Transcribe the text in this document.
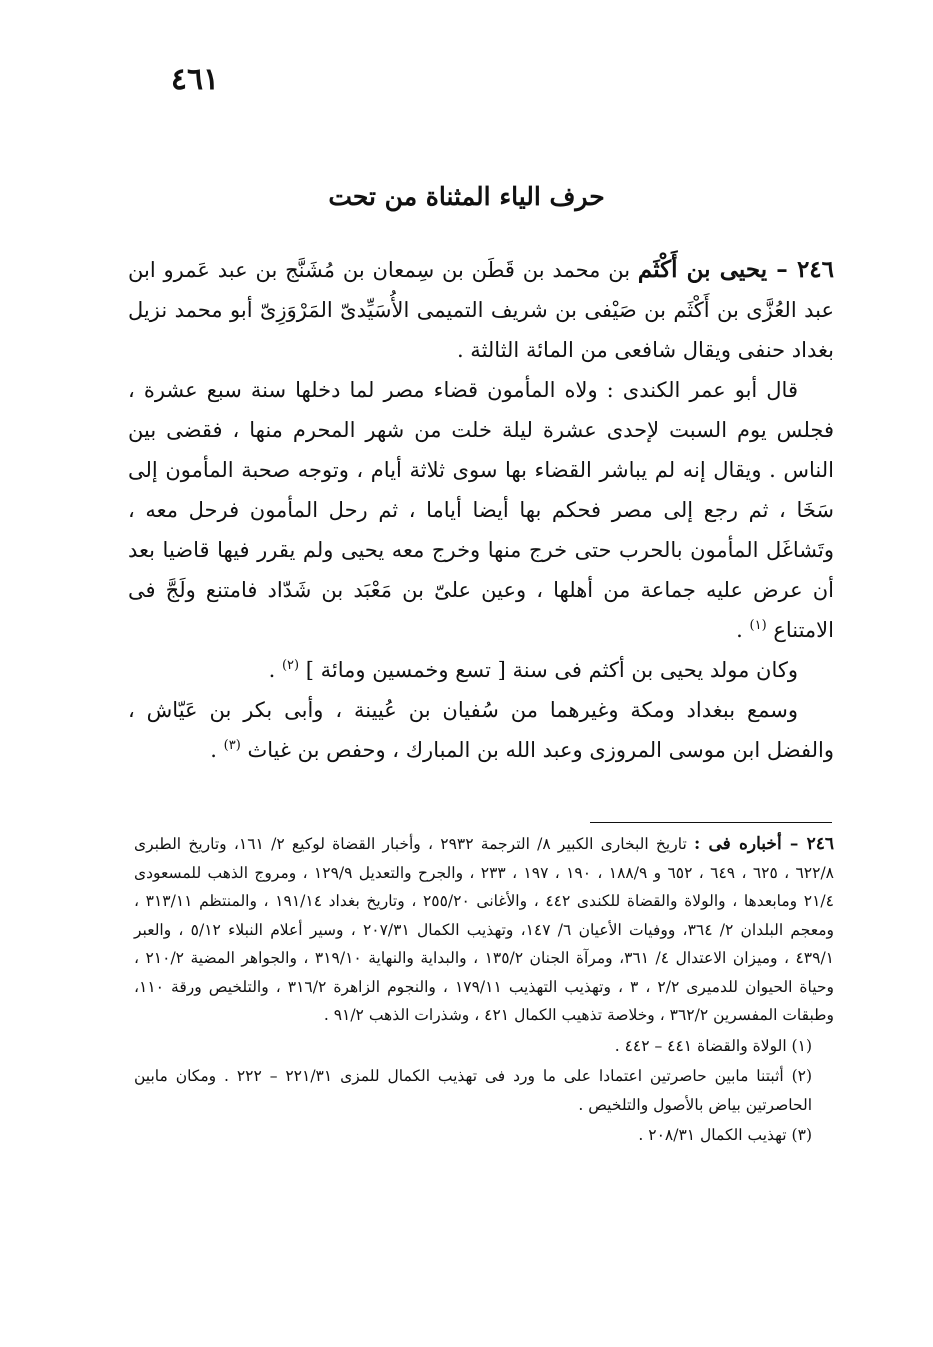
٤٦١
حرف الياء المثناة من تحت

٢٤٦ – يحيى بن أَكْثَم بن محمد بن قَطَن بن سِمعان بن مُشَنَّج بن عبد عَمرو ابن عبد العُزَّى بن أَكْثَم بن صَيْفى بن شريف التميمى الأُسَيِّدىّ المَرْوَزِىّ أبو محمد نزيل بغداد حنفى ويقال شافعى من المائة الثالثة .

قال أبو عمر الكندى : ولاه المأمون قضاء مصر لما دخلها سنة سبع عشرة ، فجلس يوم السبت لإحدى عشرة ليلة خلت من شهر المحرم منها ، فقضى بين الناس . ويقال إنه لم يباشر القضاء بها سوى ثلاثة أيام ، وتوجه صحبة المأمون إلى سَخَا ، ثم رجع إلى مصر فحكم بها أيضا أياما ، ثم رحل المأمون فرحل معه ، وتَشاغَل المأمون بالحرب حتى خرج منها وخرج معه يحيى ولم يقرر فيها قاضيا بعد أن عرض عليه جماعة من أهلها ، وعين علىّ بن مَعْبَد بن شَدّاد فامتنع ولَجَّ فى الامتناع $^{(١)}$ .

وكان مولد يحيى بن أكثم فى سنة [ تسع وخمسين ومائة ] $^{(٢)}$ .

وسمع ببغداد ومكة وغيرهما من سُفيان بن عُيينة ، وأبى بكر بن عَيّاش ، والفضل ابن موسى المروزى وعبد الله بن المبارك ، وحفص بن غياث $^{(٣)}$ .

٢٤٦ – أخباره فى : تاريخ البخارى الكبير ٨/ الترجمة ٢٩٣٢ ، وأخبار القضاة لوكيع ٢/ ١٦١، وتاريخ الطبرى ٦٢٢/٨ ، ٦٢٥ ، ٦٤٩ ، ٦٥٢ و ١٨٨/٩ ، ١٩٠ ، ١٩٧ ، ٢٣٣ ، والجرح والتعديل ١٢٩/٩ ، ومروج الذهب للمسعودى ٢١/٤ ومابعدها ، والولاة والقضاة للكندى ٤٤٢ ، والأغانى ٢٥٥/٢٠ ، وتاريخ بغداد ١٩١/١٤ ، والمنتظم ٣١٣/١١ ، ومعجم البلدان ٢/ ٣٦٤، ووفيات الأعيان ٦/ ١٤٧، وتهذيب الكمال ٢٠٧/٣١ ، وسير أعلام النبلاء ٥/١٢ ، والعبر ٤٣٩/١ ، وميزان الاعتدال ٤/ ٣٦١، ومرآة الجنان ١٣٥/٢ ، والبداية والنهاية ٣١٩/١٠ ، والجواهر المضية ٢١٠/٢ ، وحياة الحيوان للدميرى ٢/٢ ، ٣ ، وتهذيب التهذيب ١٧٩/١١ ، والنجوم الزاهرة ٣١٦/٢ ، والتلخيص ورقة ١١٠، وطبقات المفسرين ٣٦٢/٢ ، وخلاصة تذهيب الكمال ٤٢١ ، وشذرات الذهب ٩١/٢ .

(١) الولاة والقضاة ٤٤١ – ٤٤٢ .

(٢) أثبتنا مابين حاصرتين اعتمادا على ما ورد فى تهذيب الكمال للمزى ٢٢١/٣١ – ٢٢٢ . ومكان مابين الحاصرتين بياض بالأصول والتلخيص .

(٣) تهذيب الكمال ٢٠٨/٣١ .
